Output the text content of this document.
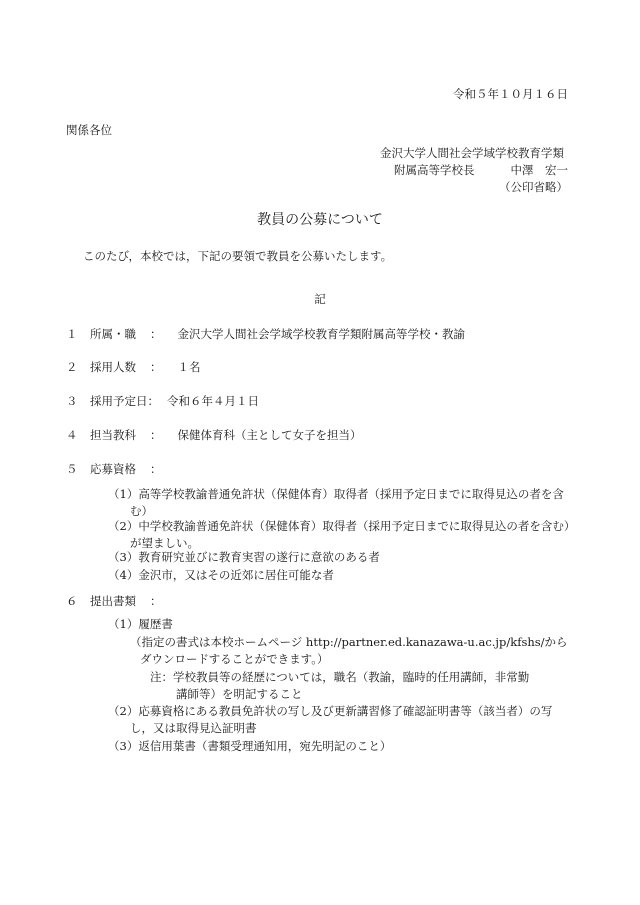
令和５年１０月１６日
関係各位
金沢大学人間社会学域学校教育学類
附属高等学校長	中澤　宏一
（公印省略）
教員の公募について
このたび，本校では，下記の要領で教員を公募いたします。
記
１ 所属・職 ： 金沢大学人間社会学域学校教育学類附属高等学校・教諭
２ 採用人数 ： １名
３ 採用予定日： 令和６年４月１日
４ 担当教科 ： 保健体育科（主として女子を担当）
５ 応募資格 ：
（1）高等学校教諭普通免許状（保健体育）取得者（採用予定日までに取得見込の者を含
む）
（2）中学校教諭普通免許状（保健体育）取得者（採用予定日までに取得見込の者を含む）
が望ましい。
（3）教育研究並びに教育実習の遂行に意欲のある者
（4）金沢市，又はその近郊に居住可能な者
６ 提出書類 ：
（1）履歴書
（指定の書式は本校ホームページ http://partner.ed.kanazawa-u.ac.jp/kfshs/から
ダウンロードすることができます。）
注：学校教員等の経歴については，職名（教諭，臨時的任用講師，非常勤
講師等）を明記すること
（2）応募資格にある教員免許状の写し及び更新講習修了確認証明書等（該当者）の写
し，又は取得見込証明書
（3）返信用葉書（書類受理通知用，宛先明記のこと）
